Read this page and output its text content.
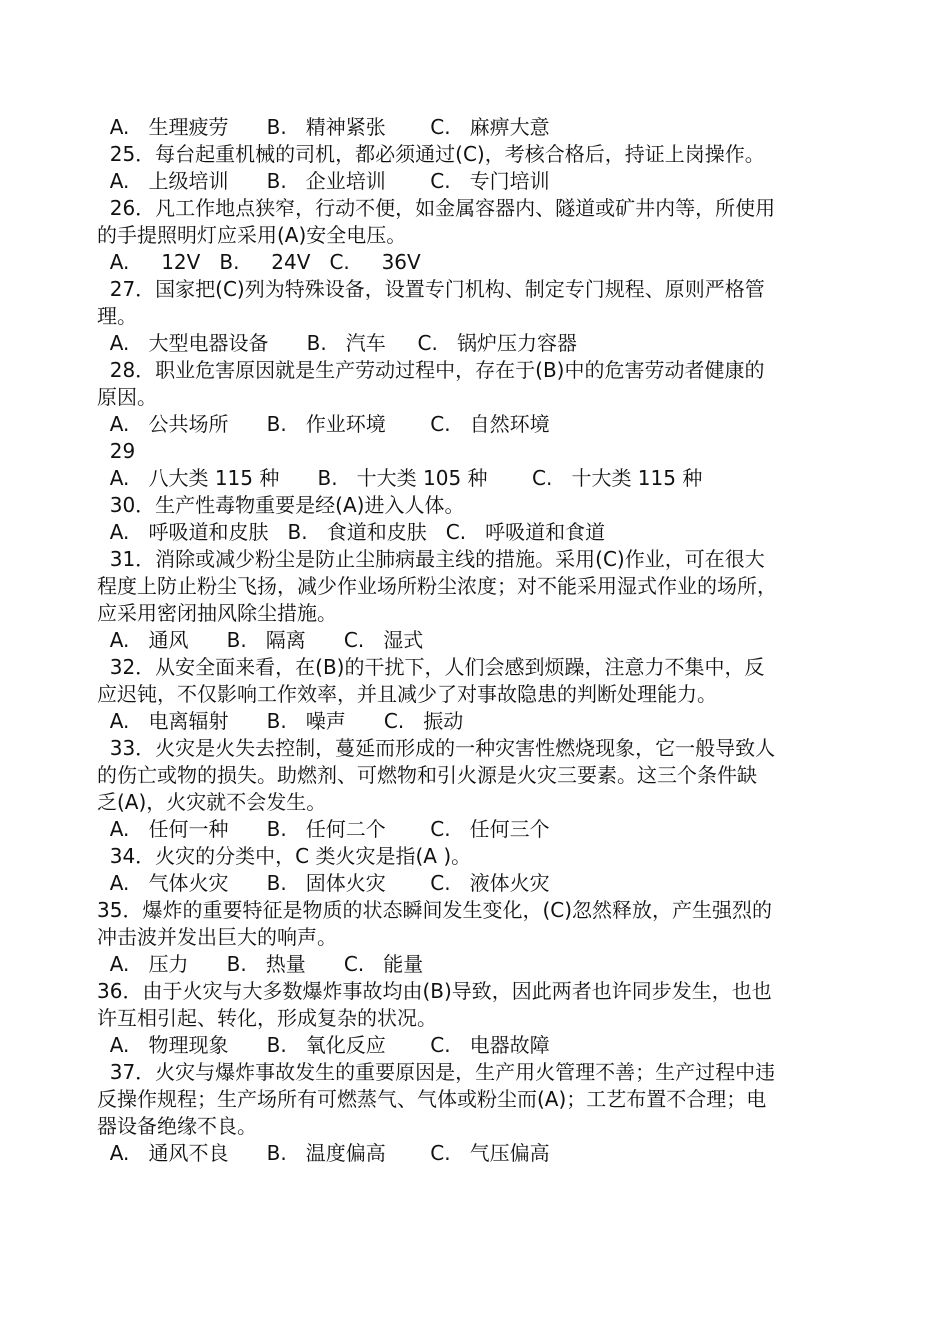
A.   生理疲劳      B.   精神紧张       C.   麻痹大意
25．每台起重机械的司机，都必须通过(C)，考核合格后，持证上岗操作。
A.   上级培训      B.   企业培训       C.   专门培训
26．凡工作地点狭窄，行动不便，如金属容器内、隧道或矿井内等，所使用
的手提照明灯应采用(A)安全电压。
A.     12V   B.     24V   C.     36V
27．国家把(C)列为特殊设备，设置专门机构、制定专门规程、原则严格管
理。
A.   大型电器设备      B.   汽车     C.   锅炉压力容器
28．职业危害原因就是生产劳动过程中，存在于(B)中的危害劳动者健康的
原因。
A.   公共场所      B.   作业环境       C.   自然环境
29
A.   八大类 115 种      B.   十大类 105 种       C.   十大类 115 种
30．生产性毒物重要是经(A)进入人体。
A.   呼吸道和皮肤   B.   食道和皮肤   C.   呼吸道和食道
31．消除或减少粉尘是防止尘肺病最主线的措施。采用(C)作业，可在很大
程度上防止粉尘飞扬，减少作业场所粉尘浓度；对不能采用湿式作业的场所，
应采用密闭抽风除尘措施。
A.   通风      B.   隔离      C.   湿式
32．从安全面来看，在(B)的干扰下，人们会感到烦躁，注意力不集中，反
应迟钝，不仅影响工作效率，并且减少了对事故隐患的判断处理能力。
A.   电离辐射      B.   噪声      C.   振动
33．火灾是火失去控制，蔓延而形成的一种灾害性燃烧现象，它一般导致人
的伤亡或物的损失。助燃剂、可燃物和引火源是火灾三要素。这三个条件缺
乏(A)，火灾就不会发生。
A.   任何一种      B.   任何二个       C.   任何三个
34．火灾的分类中，C 类火灾是指(A )。
A.   气体火灾      B.   固体火灾       C.   液体火灾
35．爆炸的重要特征是物质的状态瞬间发生变化，(C)忽然释放，产生强烈的
冲击波并发出巨大的响声。
A.   压力      B.   热量      C.   能量
36．由于火灾与大多数爆炸事故均由(B)导致，因此两者也许同步发生，也也
许互相引起、转化，形成复杂的状况。
A.   物理现象      B.   氧化反应       C.   电器故障
37．火灾与爆炸事故发生的重要原因是，生产用火管理不善；生产过程中违
反操作规程；生产场所有可燃蒸气、气体或粉尘而(A)；工艺布置不合理；电
器设备绝缘不良。
A.   通风不良      B.   温度偏高       C.   气压偏高
